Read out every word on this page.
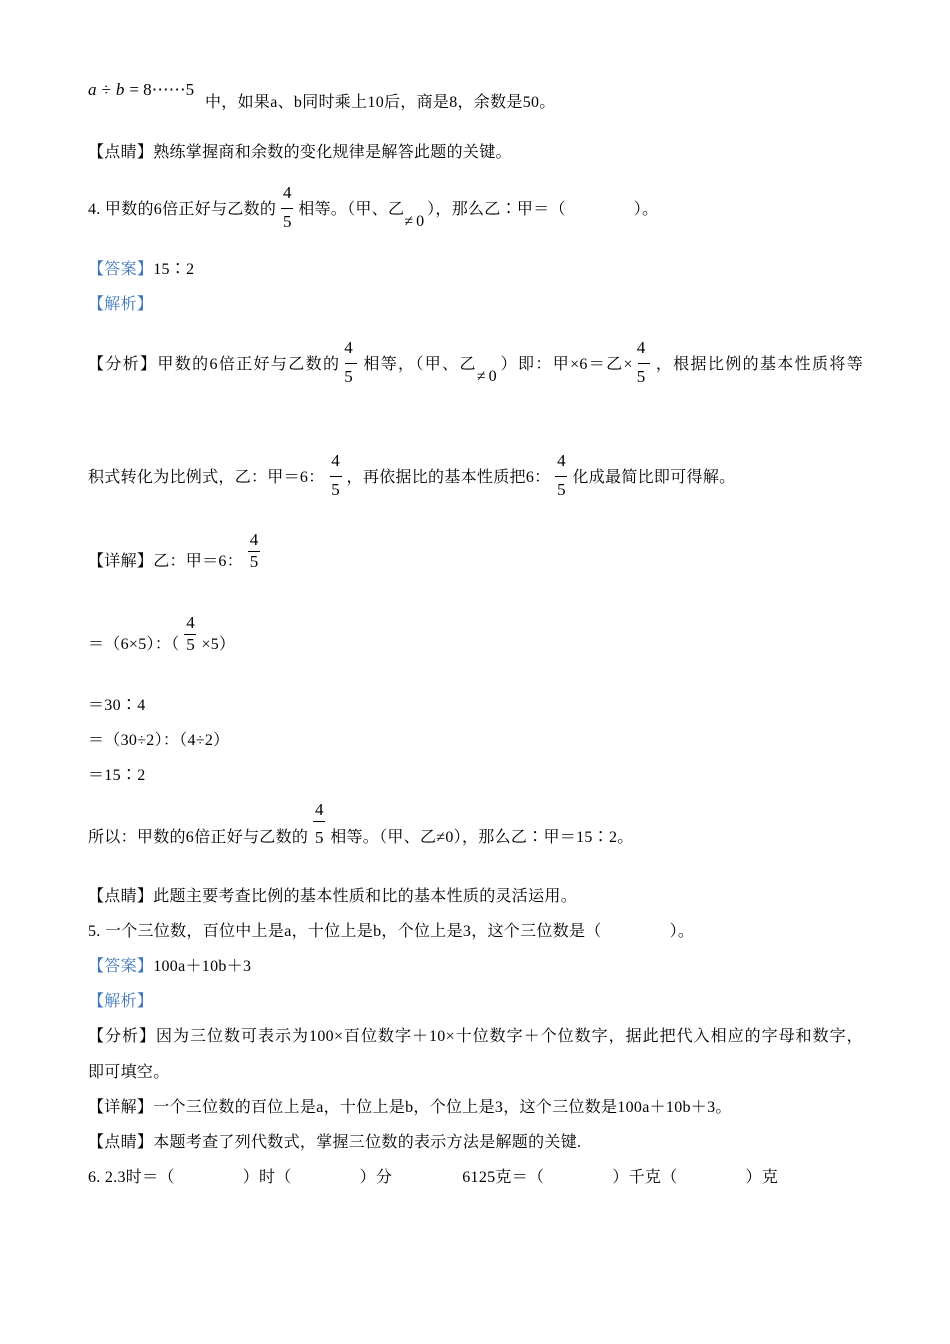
a ÷ b = 8⋯⋯5
中，如果a、b同时乘上10后，商是8，余数是50。
【点睛】熟练掌握商和余数的变化规律是解答此题的关键。
4. 甲数的6倍正好与乙数的 $\frac{4}{5}$ 相等。（甲、乙≠0），那么乙∶甲＝（	）。
【答案】15∶2
【解析】
【分析】甲数的6倍正好与乙数的 $\frac{4}{5}$ 相等，（甲、乙≠0）即：甲×6＝乙× $\frac{4}{5}$ ，根据比例的基本性质将等
积式转化为比例式，乙：甲＝6： $\frac{4}{5}$ ，再依据比的基本性质把6： $\frac{4}{5}$ 化成最简比即可得解。
【详解】乙：甲＝6： $\frac{4}{5}$
＝（6×5）：（ $\frac{4}{5} \times 5$）
＝30∶4
＝（30÷2）：（4÷2）
＝15∶2
所以：甲数的6倍正好与乙数的 $\frac{4}{5}$ 相等。（甲、乙≠0），那么乙∶甲＝15∶2。
【点睛】此题主要考查比例的基本性质和比的基本性质的灵活运用。
5. 一个三位数，百位中上是a，十位上是b，个位上是3，这个三位数是（	）。
【答案】100a＋10b＋3
【解析】
【分析】因为三位数可表示为100×百位数字＋10×十位数字＋个位数字，据此把代入相应的字母和数字，
即可填空。
【详解】一个三位数的百位上是a，十位上是b，个位上是3，这个三位数是100a＋10b＋3。
【点睛】本题考查了列代数式，掌握三位数的表示方法是解题的关键.
6. 2.3时＝（	）时（	）分	6125克＝（	）千克（	）克
